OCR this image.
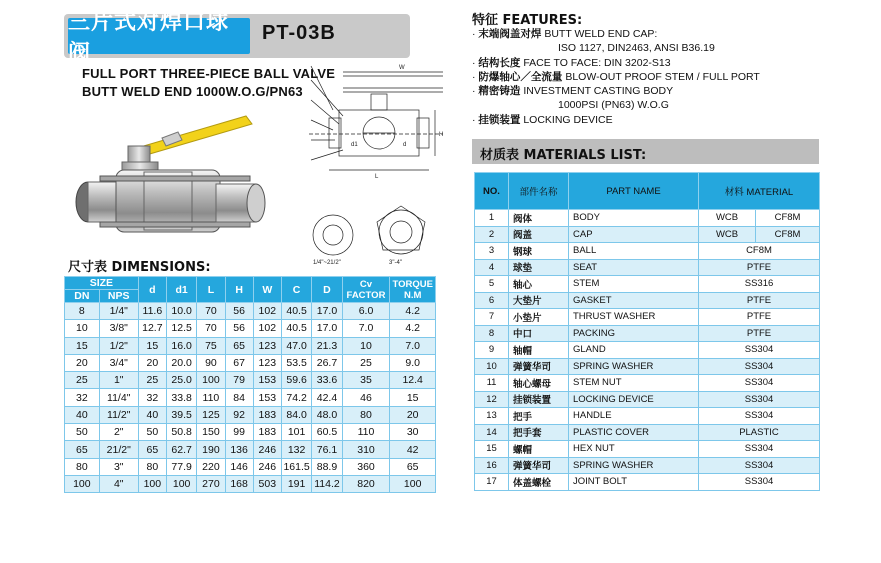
三片式对焊口球阀
PT-03B
FULL PORT THREE-PIECE BALL VALVE
BUTT WELD END 1000W.O.G/PN63
W
H
L
d1	d
1/4"~21/2"	3"-4"
尺寸表 DIMENSIONS:
SIZE		d	d1	L	H	W	C	D	Cv FACTOR	TORQUE N.M
DN	NPS									
8	1/4"	11.6	10.0	70	56	102	40.5	17.0	6.0	4.2
10	3/8"	12.7	12.5	70	56	102	40.5	17.0	7.0	4.2
15	1/2"	15	16.0	75	65	123	47.0	21.3	10	7.0
20	3/4"	20	20.0	90	67	123	53.5	26.7	25	9.0
25	1"	25	25.0	100	79	153	59.6	33.6	35	12.4
32	11/4"	32	33.8	110	84	153	74.2	42.4	46	15
40	11/2"	40	39.5	125	92	183	84.0	48.0	80	20
50	2"	50	50.8	150	99	183	101	60.5	110	30
65	21/2"	65	62.7	190	136	246	132	76.1	310	42
80	3"	80	77.9	220	146	246	161.5	88.9	360	65
100	4"	100	100	270	168	503	191	114.2	820	100
特征 FEATURES:
· 末端阀盖对焊 BUTT WELD END CAP:
ISO 1127, DIN2463, ANSI B36.19
· 结构长度 FACE TO FACE: DIN 3202-S13
· 防爆轴心／全流量 BLOW-OUT PROOF STEM / FULL PORT
· 精密铸造 INVESTMENT CASTING BODY
1000PSI (PN63) W.O.G
· 挂锁装置 LOCKING DEVICE
材质表 MATERIALS LIST:
NO.	部件名称	PART NAME	材料 MATERIAL	
1	阀体	BODY	WCB	CF8M
2	阀盖	CAP	WCB	CF8M
3	钢球	BALL	CF8M	
4	球垫	SEAT	PTFE	
5	轴心	STEM	SS316	
6	大垫片	GASKET	PTFE	
7	小垫片	THRUST WASHER	PTFE	
8	中口	PACKING	PTFE	
9	轴帽	GLAND	SS304	
10	弹簧华司	SPRING WASHER	SS304	
11	轴心螺母	STEM NUT	SS304	
12	挂锁装置	LOCKING DEVICE	SS304	
13	把手	HANDLE	SS304	
14	把手套	PLASTIC COVER	PLASTIC	
15	螺帽	HEX NUT	SS304	
16	弹簧华司	SPRING WASHER	SS304	
17	体盖螺栓	JOINT BOLT	SS304	
